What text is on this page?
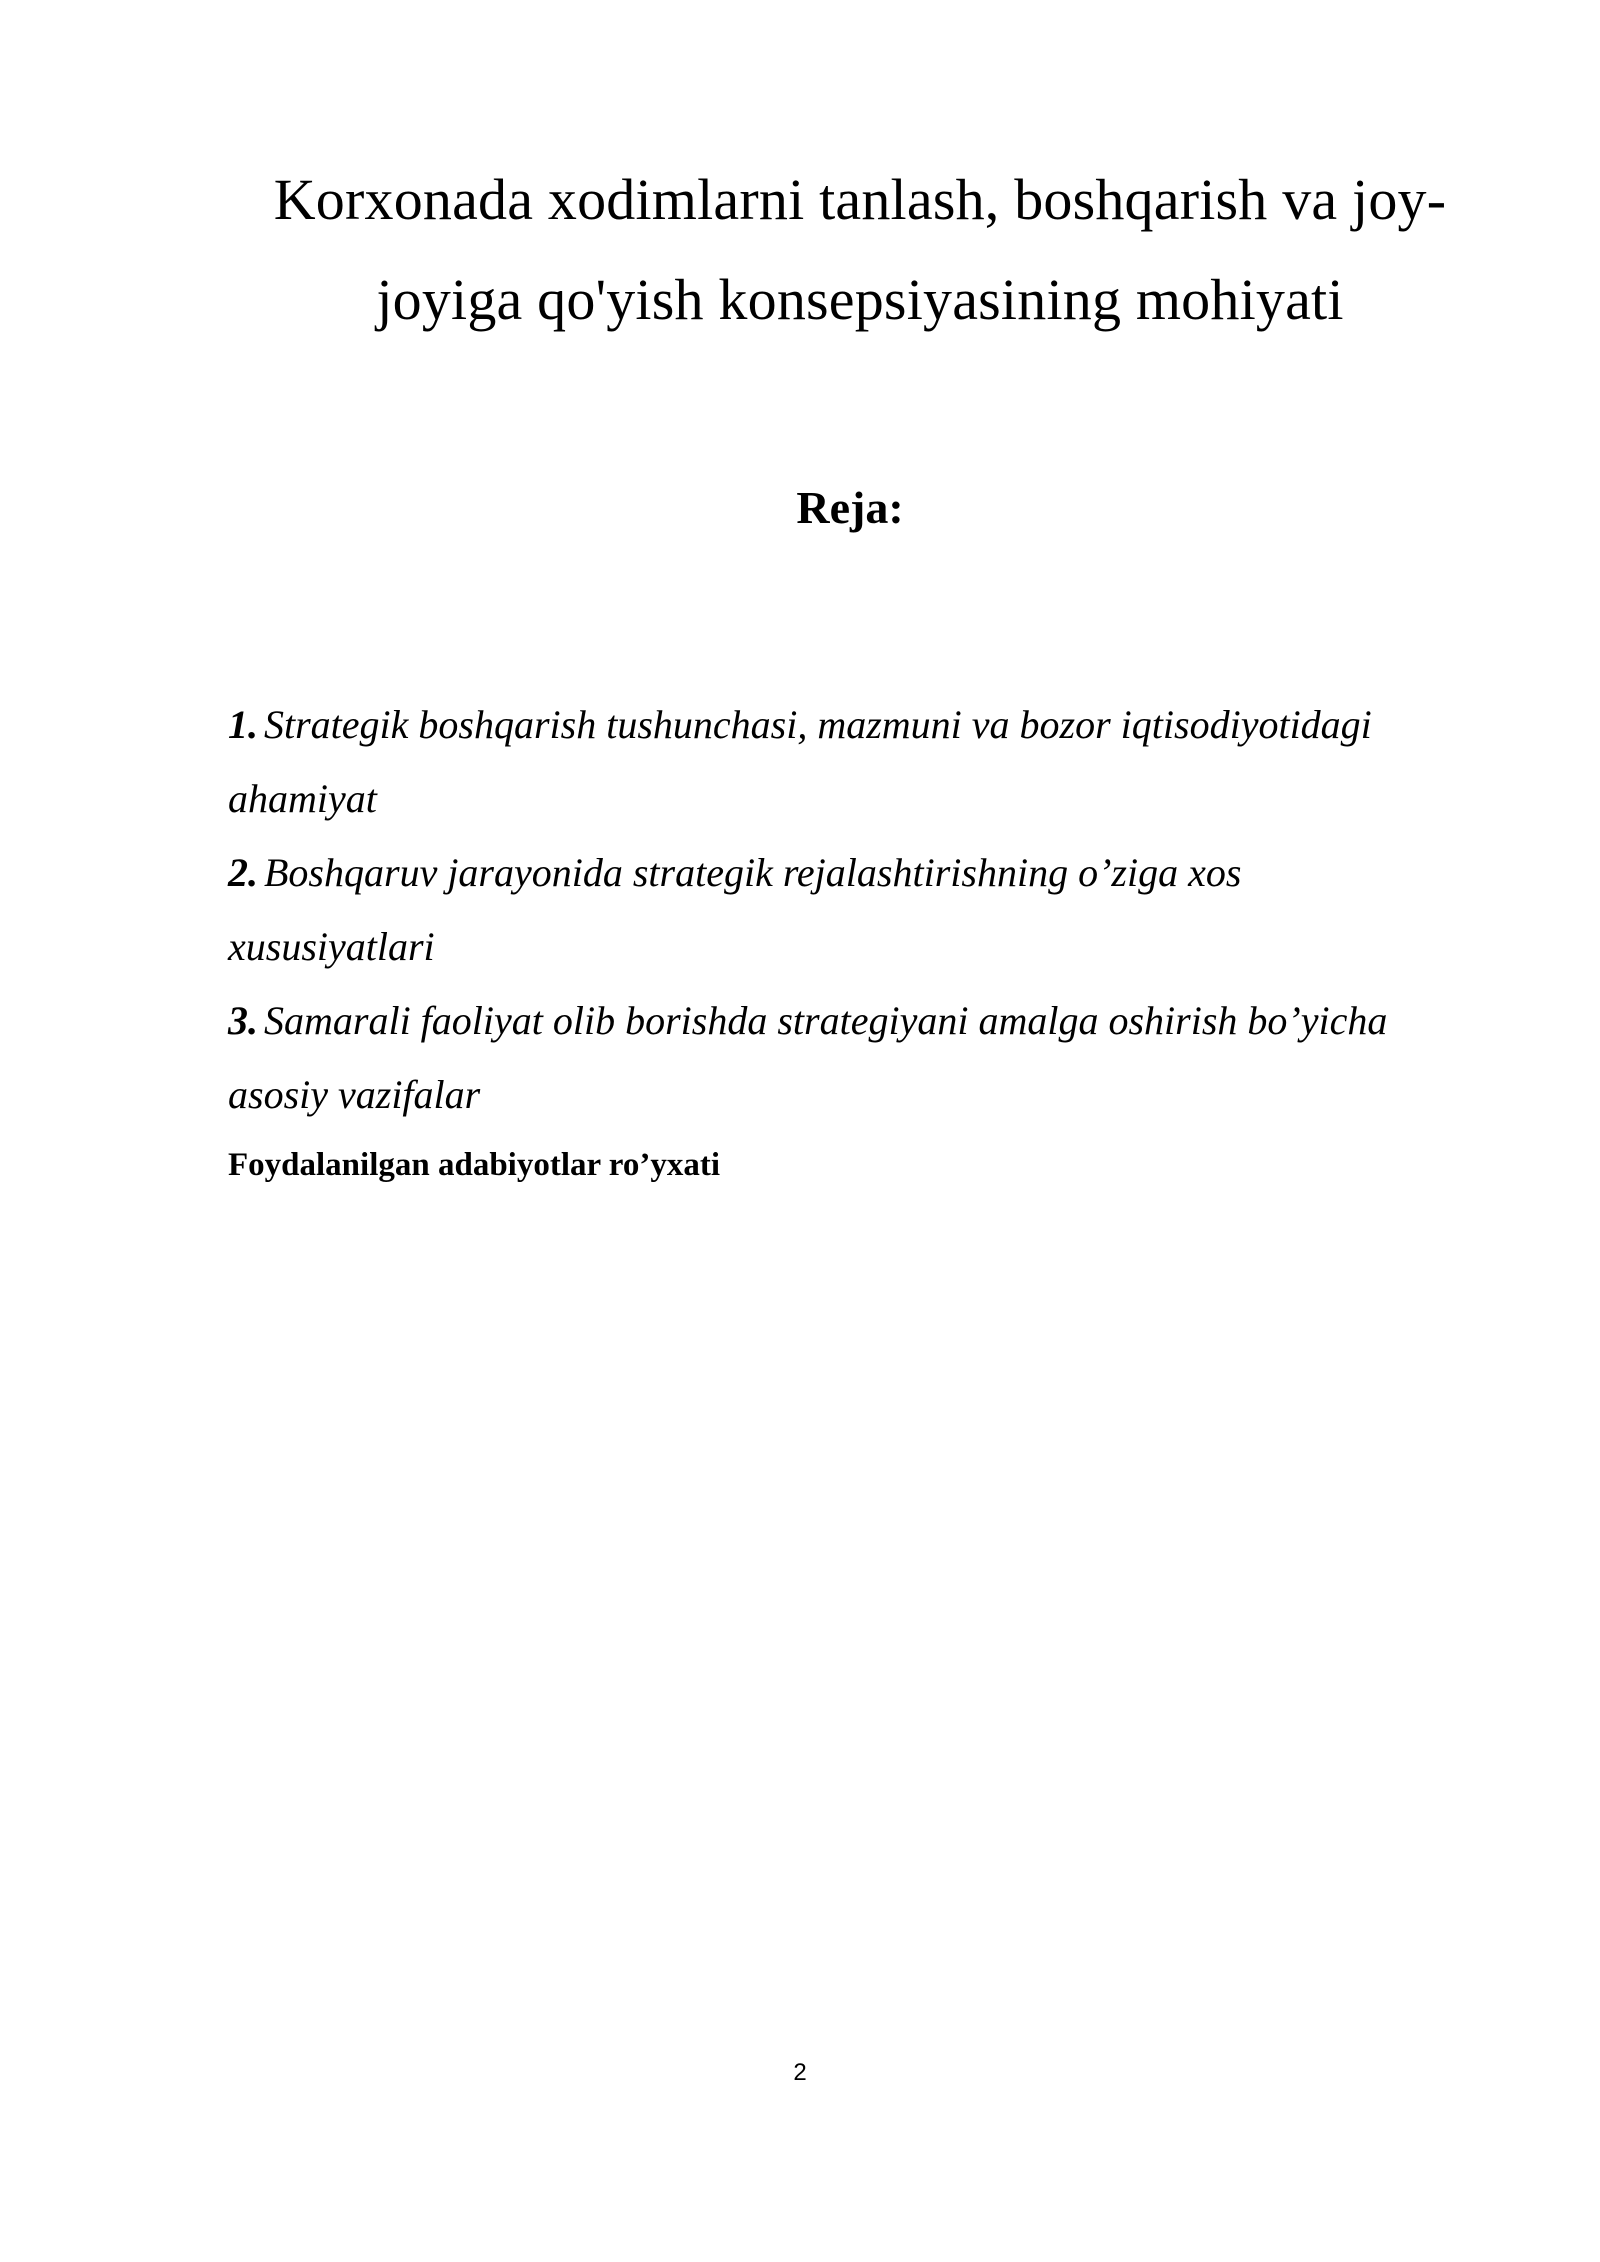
Korxonada xodimlarni tanlash, boshqarish va joy-
joyiga qo'yish konsepsiyasining mohiyati
Reja:
1. Strategik boshqarish tushunchasi, mazmuni va bozor iqtisodiyotidagi
ahamiyat
2. Boshqaruv jarayonida strategik rejalashtirishning o’ziga xos
xususiyatlari
3. Samarali faoliyat olib borishda strategiyani amalga oshirish bo’yicha
asosiy vazifalar

Foydalanilgan adabiyotlar ro’yxati

2
